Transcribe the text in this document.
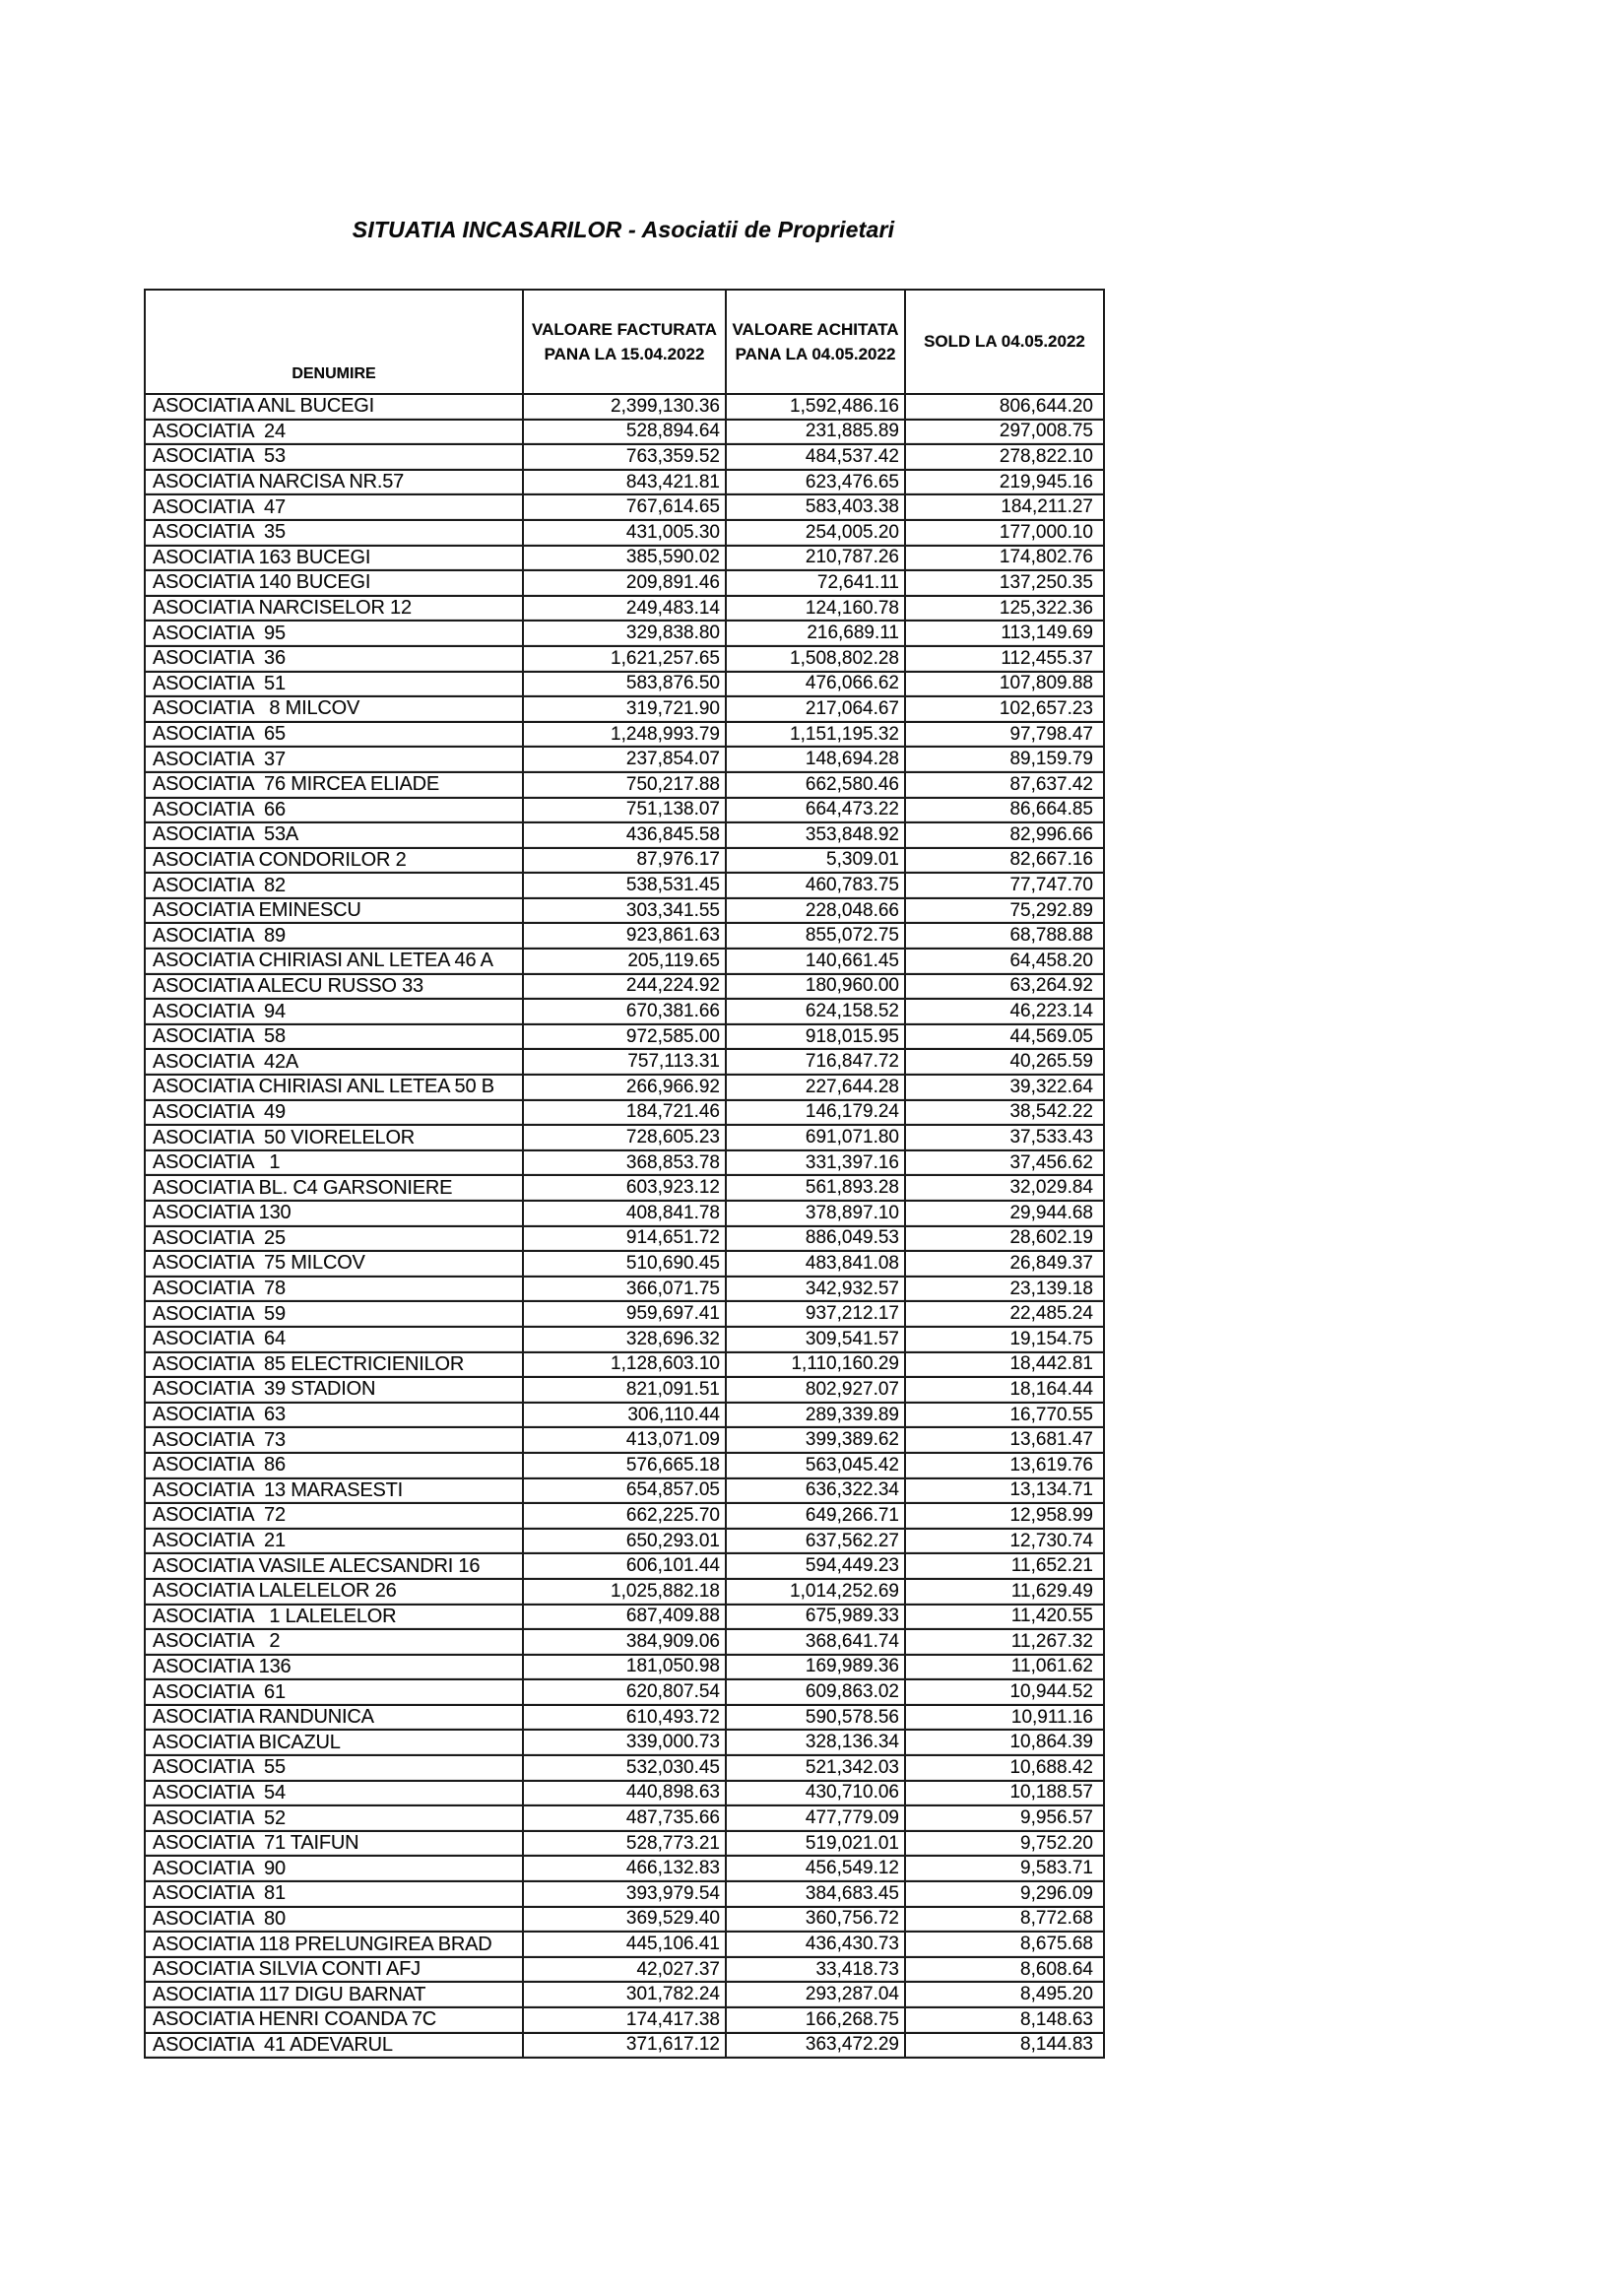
SITUATIA INCASARILOR - Asociatii de Proprietari
DENUMIRE	
VALOARE FACTURATA
PANA LA 15.04.2022

VALOARE ACHITATA
PANA LA 04.05.2022
	SOLD LA 04.05.2022
ASOCIATIA ANL BUCEGI	2,399,130.36	1,592,486.16	806,644.20
ASOCIATIA  24	528,894.64	231,885.89	297,008.75
ASOCIATIA  53	763,359.52	484,537.42	278,822.10
ASOCIATIA NARCISA NR.57	843,421.81	623,476.65	219,945.16
ASOCIATIA  47	767,614.65	583,403.38	184,211.27
ASOCIATIA  35	431,005.30	254,005.20	177,000.10
ASOCIATIA 163 BUCEGI	385,590.02	210,787.26	174,802.76
ASOCIATIA 140 BUCEGI	209,891.46	72,641.11	137,250.35
ASOCIATIA NARCISELOR 12	249,483.14	124,160.78	125,322.36
ASOCIATIA  95	329,838.80	216,689.11	113,149.69
ASOCIATIA  36	1,621,257.65	1,508,802.28	112,455.37
ASOCIATIA  51	583,876.50	476,066.62	107,809.88
ASOCIATIA   8 MILCOV	319,721.90	217,064.67	102,657.23
ASOCIATIA  65	1,248,993.79	1,151,195.32	97,798.47
ASOCIATIA  37	237,854.07	148,694.28	89,159.79
ASOCIATIA  76 MIRCEA ELIADE	750,217.88	662,580.46	87,637.42
ASOCIATIA  66	751,138.07	664,473.22	86,664.85
ASOCIATIA  53A	436,845.58	353,848.92	82,996.66
ASOCIATIA CONDORILOR 2	87,976.17	5,309.01	82,667.16
ASOCIATIA  82	538,531.45	460,783.75	77,747.70
ASOCIATIA EMINESCU	303,341.55	228,048.66	75,292.89
ASOCIATIA  89	923,861.63	855,072.75	68,788.88
ASOCIATIA CHIRIASI ANL LETEA 46 A	205,119.65	140,661.45	64,458.20
ASOCIATIA ALECU RUSSO 33	244,224.92	180,960.00	63,264.92
ASOCIATIA  94	670,381.66	624,158.52	46,223.14
ASOCIATIA  58	972,585.00	918,015.95	44,569.05
ASOCIATIA  42A	757,113.31	716,847.72	40,265.59
ASOCIATIA CHIRIASI ANL LETEA 50 B	266,966.92	227,644.28	39,322.64
ASOCIATIA  49	184,721.46	146,179.24	38,542.22
ASOCIATIA  50 VIORELELOR	728,605.23	691,071.80	37,533.43
ASOCIATIA   1	368,853.78	331,397.16	37,456.62
ASOCIATIA BL. C4 GARSONIERE	603,923.12	561,893.28	32,029.84
ASOCIATIA 130	408,841.78	378,897.10	29,944.68
ASOCIATIA  25	914,651.72	886,049.53	28,602.19
ASOCIATIA  75 MILCOV	510,690.45	483,841.08	26,849.37
ASOCIATIA  78	366,071.75	342,932.57	23,139.18
ASOCIATIA  59	959,697.41	937,212.17	22,485.24
ASOCIATIA  64	328,696.32	309,541.57	19,154.75
ASOCIATIA  85 ELECTRICIENILOR	1,128,603.10	1,110,160.29	18,442.81
ASOCIATIA  39 STADION	821,091.51	802,927.07	18,164.44
ASOCIATIA  63	306,110.44	289,339.89	16,770.55
ASOCIATIA  73	413,071.09	399,389.62	13,681.47
ASOCIATIA  86	576,665.18	563,045.42	13,619.76
ASOCIATIA  13 MARASESTI	654,857.05	636,322.34	13,134.71
ASOCIATIA  72	662,225.70	649,266.71	12,958.99
ASOCIATIA  21	650,293.01	637,562.27	12,730.74
ASOCIATIA VASILE ALECSANDRI 16	606,101.44	594,449.23	11,652.21
ASOCIATIA LALELELOR 26	1,025,882.18	1,014,252.69	11,629.49
ASOCIATIA   1 LALELELOR	687,409.88	675,989.33	11,420.55
ASOCIATIA   2	384,909.06	368,641.74	11,267.32
ASOCIATIA 136	181,050.98	169,989.36	11,061.62
ASOCIATIA  61	620,807.54	609,863.02	10,944.52
ASOCIATIA RANDUNICA	610,493.72	590,578.56	10,911.16
ASOCIATIA BICAZUL	339,000.73	328,136.34	10,864.39
ASOCIATIA  55	532,030.45	521,342.03	10,688.42
ASOCIATIA  54	440,898.63	430,710.06	10,188.57
ASOCIATIA  52	487,735.66	477,779.09	9,956.57
ASOCIATIA  71 TAIFUN	528,773.21	519,021.01	9,752.20
ASOCIATIA  90	466,132.83	456,549.12	9,583.71
ASOCIATIA  81	393,979.54	384,683.45	9,296.09
ASOCIATIA  80	369,529.40	360,756.72	8,772.68
ASOCIATIA 118 PRELUNGIREA BRAD	445,106.41	436,430.73	8,675.68
ASOCIATIA SILVIA CONTI AFJ	42,027.37	33,418.73	8,608.64
ASOCIATIA 117 DIGU BARNAT	301,782.24	293,287.04	8,495.20
ASOCIATIA HENRI COANDA 7C	174,417.38	166,268.75	8,148.63
ASOCIATIA  41 ADEVARUL	371,617.12	363,472.29	8,144.83
